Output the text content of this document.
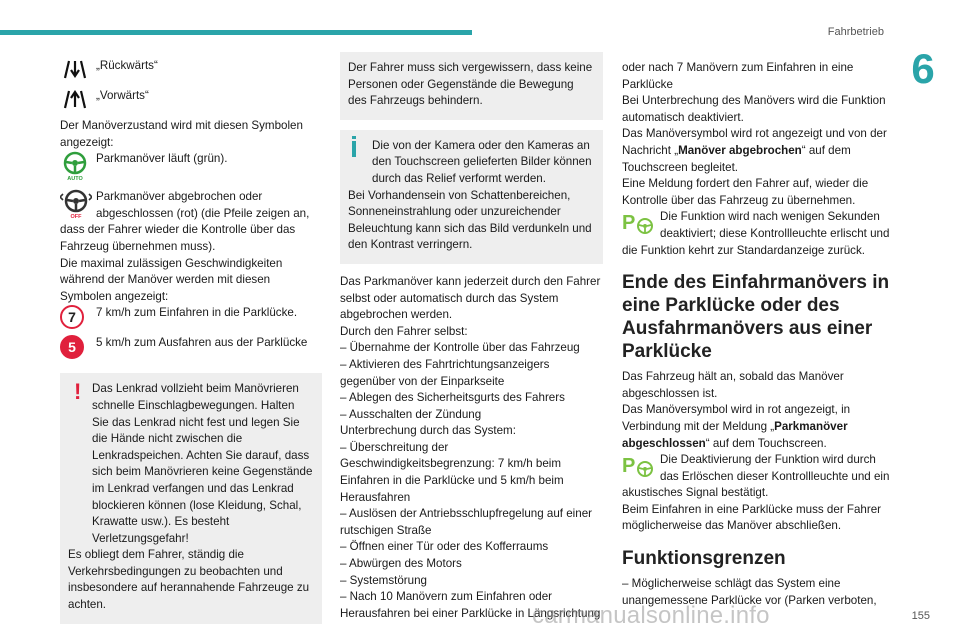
Fahrbetrieb
6

„Rückwärts“

„Vorwärts“

Der Manöverzustand wird mit diesen Symbolen angezeigt:

AUTO

Parkmanöver läuft (grün).

OFF

Parkmanöver abgebrochen oder abgeschlossen (rot) (die Pfeile zeigen an, dass der Fahrer wieder die Kontrolle über das Fahrzeug übernehmen muss).

Die maximal zulässigen Geschwindigkeiten während der Manöver werden mit diesen Symbolen angezeigt:

7	7 km/h zum Einfahren in die Parklücke.

5	5 km/h zum Ausfahren aus der Parklücke

! Das Lenkrad vollzieht beim Manövrieren schnelle Einschlagbewegungen. Halten Sie das Lenkrad nicht fest und legen Sie die Hände nicht zwischen die Lenkradspeichen. Achten Sie darauf, dass sich beim Manövrieren keine Gegenstände im Lenkrad verfangen und das Lenkrad blockieren können (lose Kleidung, Schal, Krawatte usw.). Es besteht Verletzungsgefahr!

Es obliegt dem Fahrer, ständig die Verkehrsbedingungen zu beobachten und insbesondere auf herannahende Fahrzeuge zu achten.

Der Fahrer muss sich vergewissern, dass keine Personen oder Gegenstände die Bewegung des Fahrzeugs behindern.

Die von der Kamera oder den Kameras an den Touchscreen gelieferten Bilder können durch das Relief verformt werden.

Bei Vorhandensein von Schattenbereichen, Sonneneinstrahlung oder unzureichender Beleuchtung kann sich das Bild verdunkeln und den Kontrast verringern.

Das Parkmanöver kann jederzeit durch den Fahrer selbst oder automatisch durch das System abgebrochen werden.

Durch den Fahrer selbst:

– Übernahme der Kontrolle über das Fahrzeug

– Aktivieren des Fahrtrichtungsanzeigers gegenüber von der Einparkseite

– Ablegen des Sicherheitsgurts des Fahrers

– Ausschalten der Zündung

Unterbrechung durch das System:

– Überschreitung der Geschwindigkeitsbegrenzung: 7 km/h beim Einfahren in die Parklücke und 5 km/h beim Herausfahren

– Auslösen der Antriebsschlupfregelung auf einer rutschigen Straße

– Öffnen einer Tür oder des Kofferraums

– Abwürgen des Motors

– Systemstörung

– Nach 10 Manövern zum Einfahren oder Herausfahren bei einer Parklücke in Längsrichtung

oder nach 7 Manövern zum Einfahren in eine Parklücke

Bei Unterbrechung des Manövers wird die Funktion automatisch deaktiviert.

Das Manöversymbol wird rot angezeigt und von der Nachricht „Manöver abgebrochen“ auf dem Touchscreen begleitet.

Eine Meldung fordert den Fahrer auf, wieder die Kontrolle über das Fahrzeug zu übernehmen.

P	Die Funktion wird nach wenigen Sekunden deaktiviert; diese Kontrollleuchte erlischt und die Funktion kehrt zur Standardanzeige zurück.

Ende des Einfahrmanövers in eine Parklücke oder des Ausfahrmanövers aus einer Parklücke

Das Fahrzeug hält an, sobald das Manöver abgeschlossen ist.

Das Manöversymbol wird in rot angezeigt, in Verbindung mit der Meldung „Parkmanöver abgeschlossen“ auf dem Touchscreen.

P	Die Deaktivierung der Funktion wird durch das Erlöschen dieser Kontrollleuchte und ein akustisches Signal bestätigt.

Beim Einfahren in eine Parklücke muss der Fahrer möglicherweise das Manöver abschließen.

Funktionsgrenzen

– Möglicherweise schlägt das System eine unangemessene Parklücke vor (Parken verboten,

carmanualsonline.info	155
